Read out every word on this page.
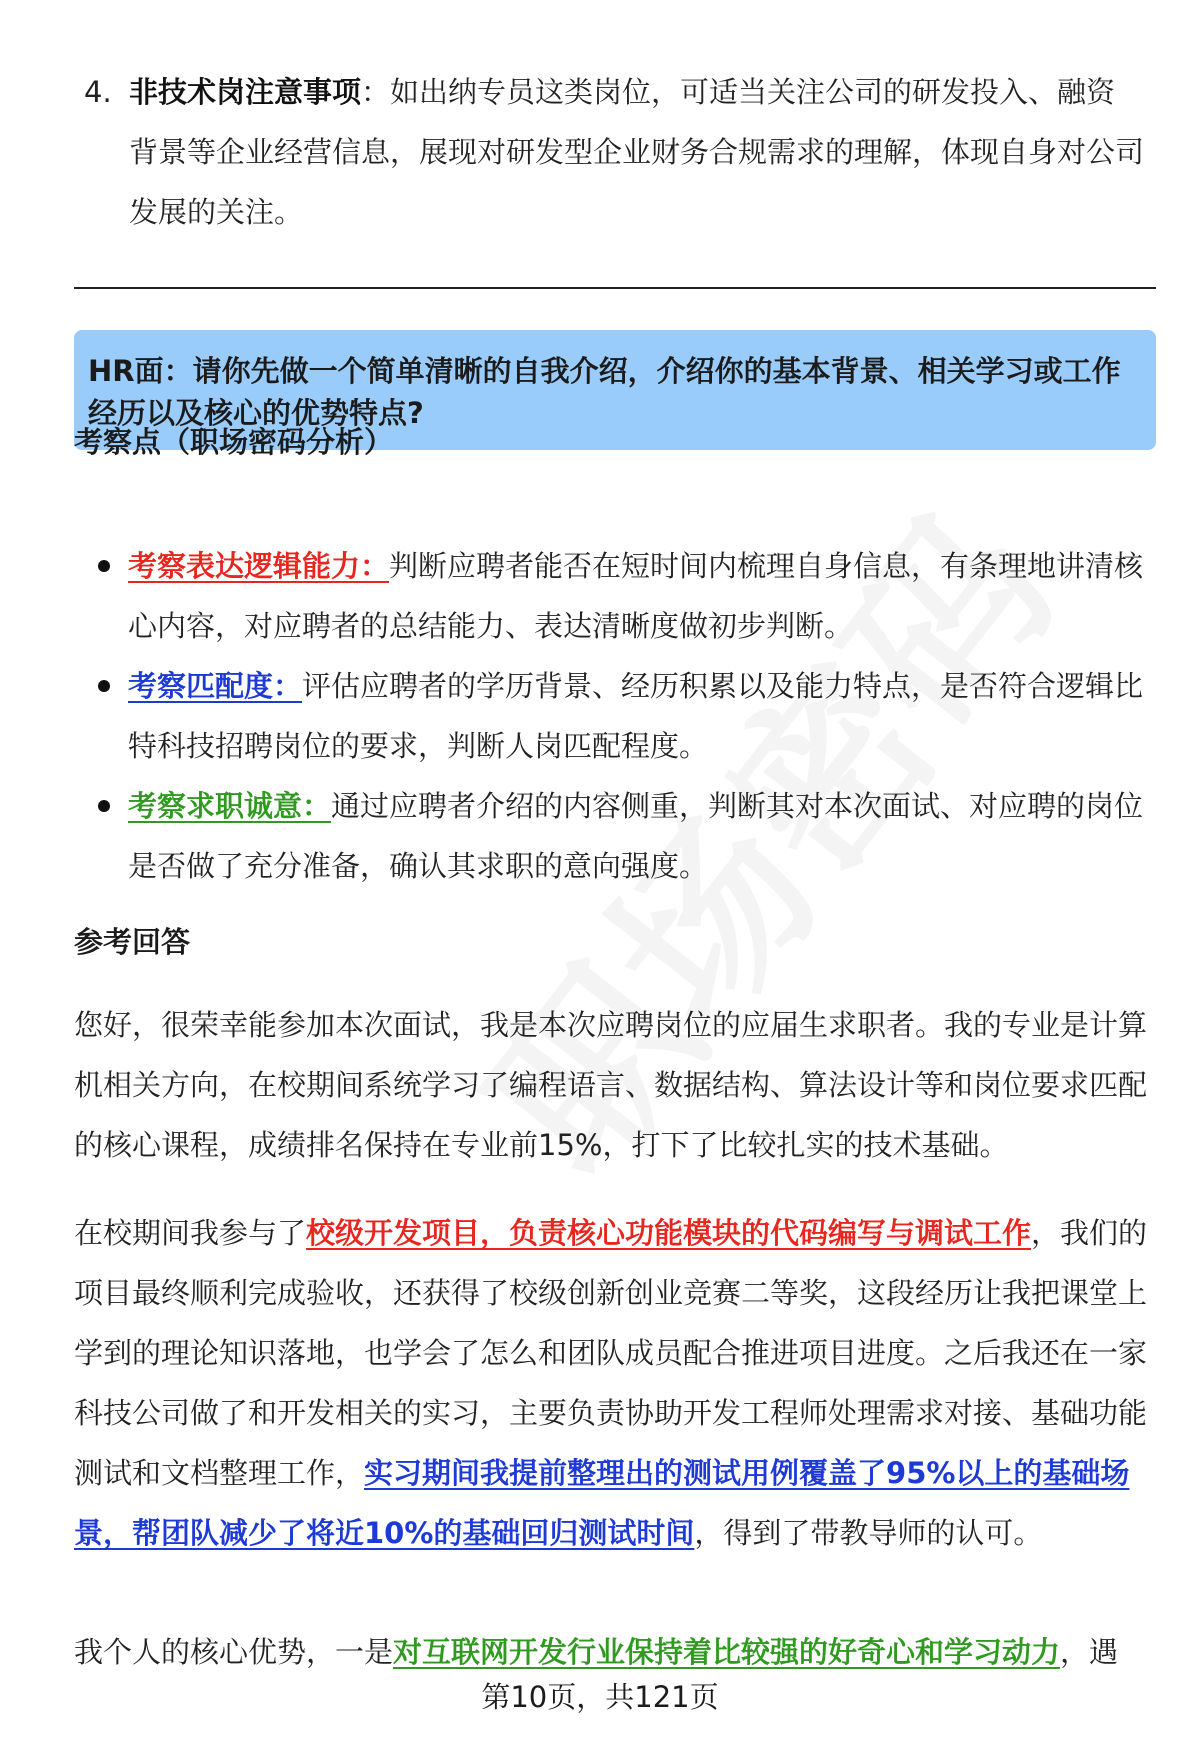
4. 非技术岗注意事项：如出纳专员这类岗位，可适当关注公司的研发投入、融资背景等企业经营信息，展现对研发型企业财务合规需求的理解，体现自身对公司发展的关注。
HR面：请你先做一个简单清晰的自我介绍，介绍你的基本背景、相关学习或工作经历以及核心的优势特点?
考察点（职场密码分析）
考察表达逻辑能力：判断应聘者能否在短时间内梳理自身信息，有条理地讲清核心内容，对应聘者的总结能力、表达清晰度做初步判断。
考察匹配度：评估应聘者的学历背景、经历积累以及能力特点，是否符合逻辑比特科技招聘岗位的要求，判断人岗匹配程度。
考察求职诚意：通过应聘者介绍的内容侧重，判断其对本次面试、对应聘的岗位是否做了充分准备，确认其求职的意向强度。
参考回答
您好，很荣幸能参加本次面试，我是本次应聘岗位的应届生求职者。我的专业是计算机相关方向，在校期间系统学习了编程语言、数据结构、算法设计等和岗位要求匹配的核心课程，成绩排名保持在专业前15%，打下了比较扎实的技术基础。
在校期间我参与了校级开发项目，负责核心功能模块的代码编写与调试工作，我们的项目最终顺利完成验收，还获得了校级创新创业竞赛二等奖，这段经历让我把课堂上学到的理论知识落地，也学会了怎么和团队成员配合推进项目进度。之后我还在一家科技公司做了和开发相关的实习，主要负责协助开发工程师处理需求对接、基础功能测试和文档整理工作，实习期间我提前整理出的测试用例覆盖了95%以上的基础场景，帮团队减少了将近10%的基础回归测试时间，得到了带教导师的认可。
我个人的核心优势，一是对互联网开发行业保持着比较强的好奇心和学习动力，遇
第10页，共121页
